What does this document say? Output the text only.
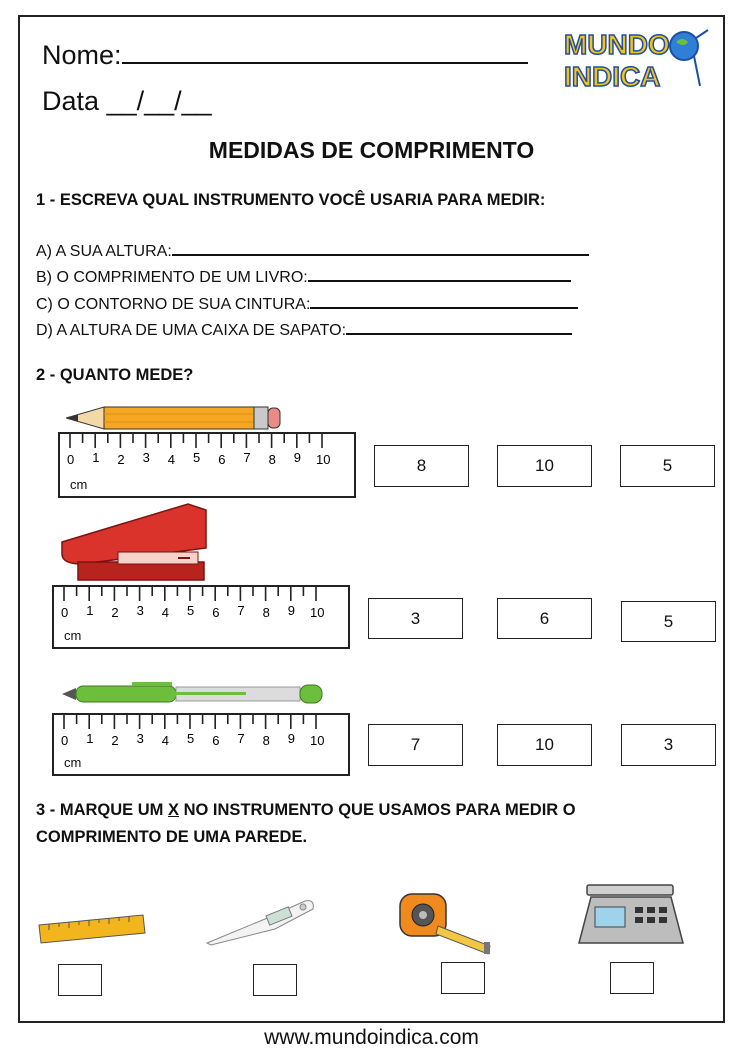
Nome:
Data __/__/__
MUNDO
INDICA
MEDIDAS DE COMPRIMENTO
1 - ESCREVA QUAL INSTRUMENTO VOCÊ USARIA PARA MEDIR:
A) A SUA ALTURA:
B) O COMPRIMENTO DE UM LIVRO:
C) O CONTORNO DE SUA CINTURA:
D) A ALTURA DE UMA CAIXA DE SAPATO:
2 - QUANTO MEDE?
0 1 2 3 4 5 6 7 8 9 10
cm
8	10	5
0 1 2 3 4 5 6 7 8 9 10
cm
3	6	5
0 1 2 3 4 5 6 7 8 9 10
cm
7	10	3
3 - MARQUE UM X NO INSTRUMENTO QUE USAMOS PARA MEDIR O
COMPRIMENTO DE UMA PAREDE.
www.mundoindica.com
